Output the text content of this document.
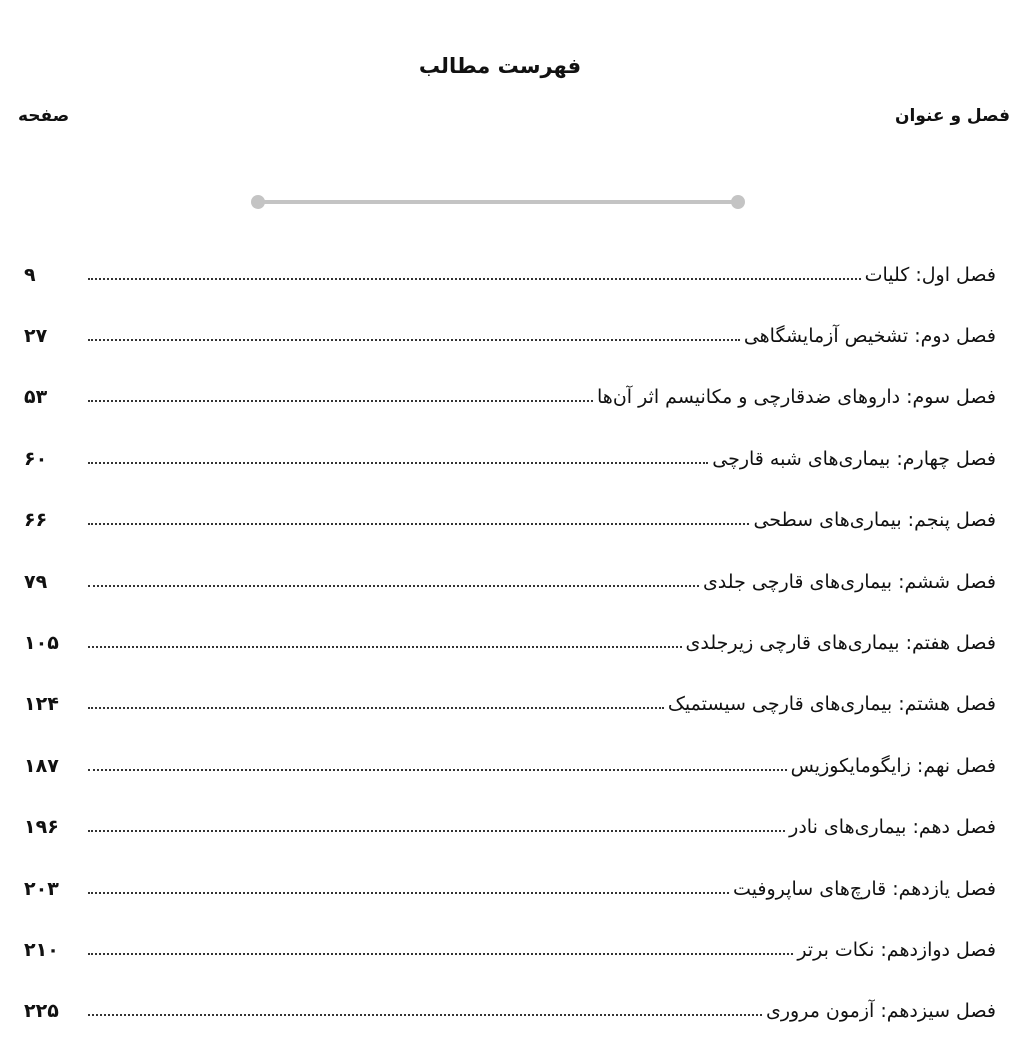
فهرست مطالب
فصل و عنوان
صفحه
فصل اول: کلیات
۹
فصل دوم: تشخیص آزمایشگاهی
۲۷
فصل سوم: داروهای ضدقارچی و مکانیسم اثر آن‌ها
۵۳
فصل چهارم: بیماری‌های شبه قارچی
۶۰
فصل پنجم: بیماری‌های سطحی
۶۶
فصل ششم: بیماری‌های قارچی جلدی
۷۹
فصل هفتم: بیماری‌های قارچی زیرجلدی
۱۰۵
فصل هشتم: بیماری‌های قارچی سیستمیک
۱۲۴
فصل نهم: زایگومایکوزیس
۱۸۷
فصل دهم: بیماری‌های نادر
۱۹۶
فصل یازدهم: قارچ‌های ساپروفیت
۲۰۳
فصل دوازدهم: نکات برتر
۲۱۰
فصل سیزدهم: آزمون مروری
۲۲۵
